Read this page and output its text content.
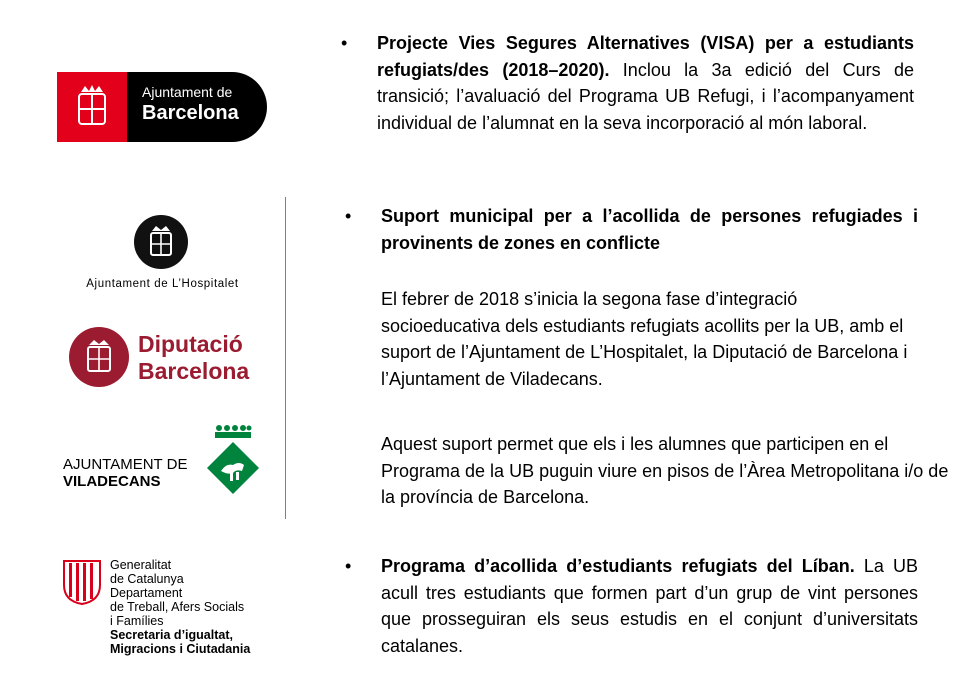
Ajuntament de
Barcelona
Ajuntament de L’Hospitalet
Diputació
Barcelona
AJUNTAMENT DE
VILADECANS
Generalitat
de Catalunya
Departament
de Treball, Afers Socials
i Famílies
Secretaria d’igualtat,
Migracions i Ciutadania
• Projecte Vies Segures Alternatives (VISA) per a estudiants refugiats/des (2018–2020). Inclou la 3a edició del Curs de transició; l’avaluació del Programa UB Refugi, i l’acompanyament individual de l’alumnat en la seva incorporació al món laboral.
• Suport municipal per a l’acollida de persones refugiades i provinents de zones en conflicte
El febrer de 2018 s’inicia la segona fase d’integració socioeducativa dels estudiants refugiats acollits per la UB, amb el suport de l’Ajuntament de L’Hospitalet, la Diputació de Barcelona i l’Ajuntament de Viladecans.
Aquest suport permet que els i les alumnes que participen en el Programa de la UB puguin viure en pisos de l’Àrea Metropolitana i/o de la província de Barcelona.
• Programa d’acollida d’estudiants refugiats del Líban. La UB acull tres estudiants que formen part d’un grup de vint persones que prosseguiran els seus estudis en el conjunt d’universitats catalanes.
